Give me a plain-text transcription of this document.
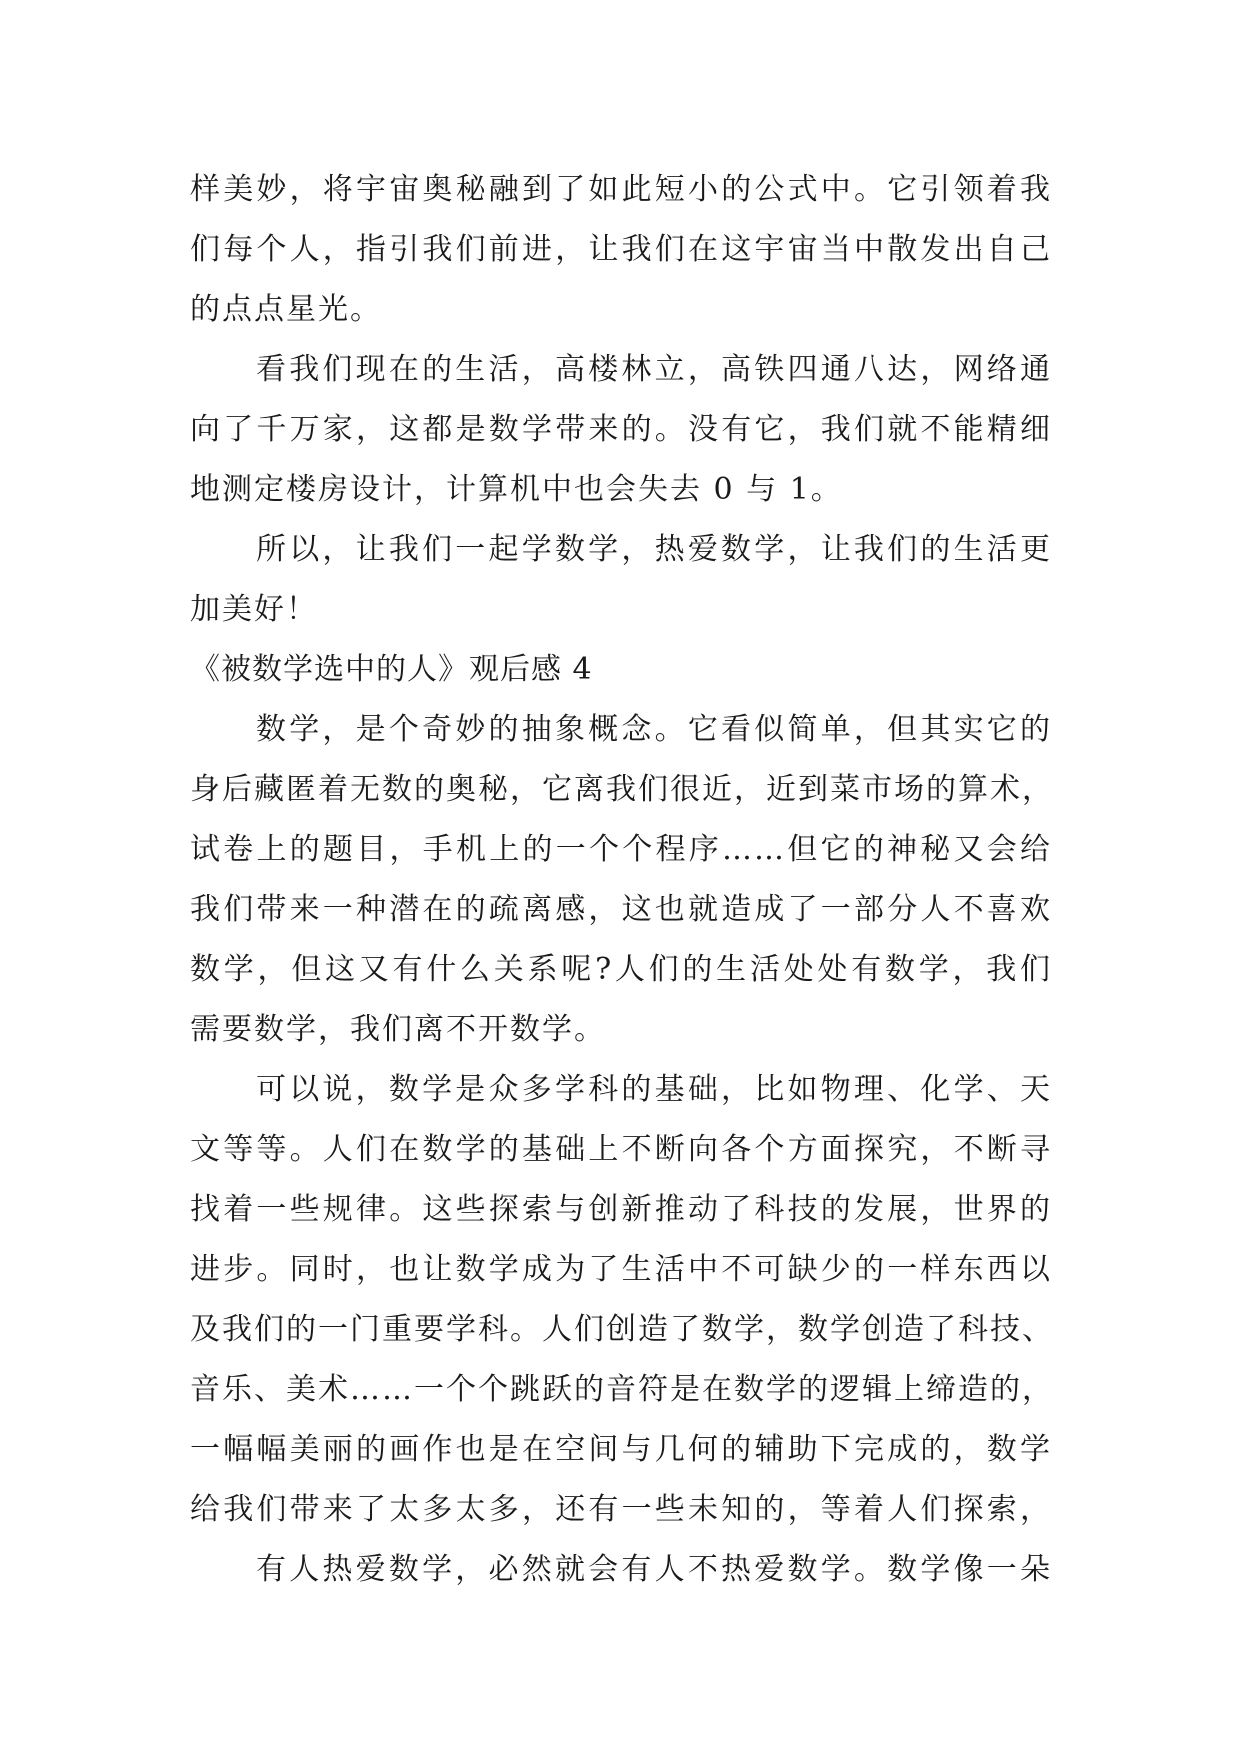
样美妙，将宇宙奥秘融到了如此短小的公式中。它引领着我
们每个人，指引我们前进，让我们在这宇宙当中散发出自己
的点点星光。
看我们现在的生活，高楼林立，高铁四通八达，网络通
向了千万家，这都是数学带来的。没有它，我们就不能精细
地测定楼房设计，计算机中也会失去 0 与 1。
所以，让我们一起学数学，热爱数学，让我们的生活更
加美好！
《被数学选中的人》观后感 4
数学，是个奇妙的抽象概念。它看似简单，但其实它的
身后藏匿着无数的奥秘，它离我们很近，近到菜市场的算术，
试卷上的题目，手机上的一个个程序……但它的神秘又会给
我们带来一种潜在的疏离感，这也就造成了一部分人不喜欢
数学，但这又有什么关系呢?人们的生活处处有数学，我们
需要数学，我们离不开数学。
可以说，数学是众多学科的基础，比如物理、化学、天
文等等。人们在数学的基础上不断向各个方面探究，不断寻
找着一些规律。这些探索与创新推动了科技的发展，世界的
进步。同时，也让数学成为了生活中不可缺少的一样东西以
及我们的一门重要学科。人们创造了数学，数学创造了科技、
音乐、美术……一个个跳跃的音符是在数学的逻辑上缔造的，
一幅幅美丽的画作也是在空间与几何的辅助下完成的，数学
给我们带来了太多太多，还有一些未知的，等着人们探索，
有人热爱数学，必然就会有人不热爱数学。数学像一朵
